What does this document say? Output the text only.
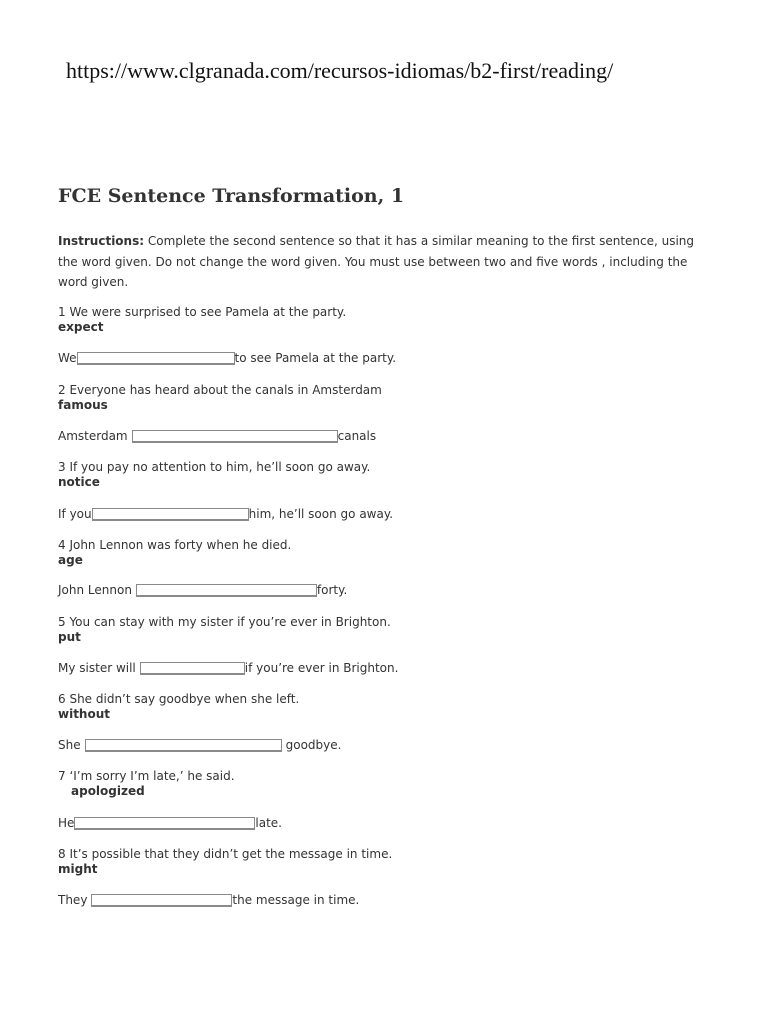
https://www.clgranada.com/recursos-idiomas/b2-first/reading/
FCE Sentence Transformation, 1
Instructions: Complete the second sentence so that it has a similar meaning to the first sentence, using the word given. Do not change the word given. You must use between two and five words , including the word given.
1 We were surprised to see Pamela at the party.
expect
We	to see Pamela at the party.
2 Everyone has heard about the canals in Amsterdam
famous
Amsterdam	canals
3 If you pay no attention to him, he’ll soon go away.
notice
If you	him, he’ll soon go away.
4 John Lennon was forty when he died.
age
John Lennon	forty.
5 You can stay with my sister if you’re ever in Brighton.
put
My sister will	if you’re ever in Brighton.
6 She didn’t say goodbye when she left.
without
She	goodbye.
7 ‘I’m sorry I’m late,’ he said.
apologized
He	late.
8 It’s possible that they didn’t get the message in time.
might
They	the message in time.
